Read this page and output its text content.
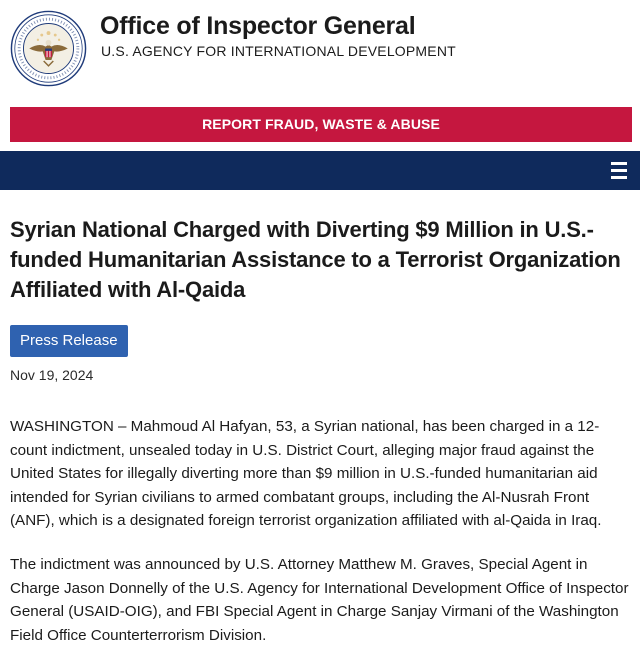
Office of Inspector General
U.S. AGENCY FOR INTERNATIONAL DEVELOPMENT
REPORT FRAUD, WASTE & ABUSE
Syrian National Charged with Diverting $9 Million in U.S.-funded Humanitarian Assistance to a Terrorist Organization Affiliated with Al-Qaida
Press Release
Nov 19, 2024

WASHINGTON – Mahmoud Al Hafyan, 53, a Syrian national, has been charged in a 12-count indictment, unsealed today in U.S. District Court, alleging major fraud against the United States for illegally diverting more than $9 million in U.S.-funded humanitarian aid intended for Syrian civilians to armed combatant groups, including the Al-Nusrah Front (ANF), which is a designated foreign terrorist organization affiliated with al-Qaida in Iraq.

The indictment was announced by U.S. Attorney Matthew M. Graves, Special Agent in Charge Jason Donnelly of the U.S. Agency for International Development Office of Inspector General (USAID-OIG), and FBI Special Agent in Charge Sanjay Virmani of the Washington Field Office Counterterrorism Division.
